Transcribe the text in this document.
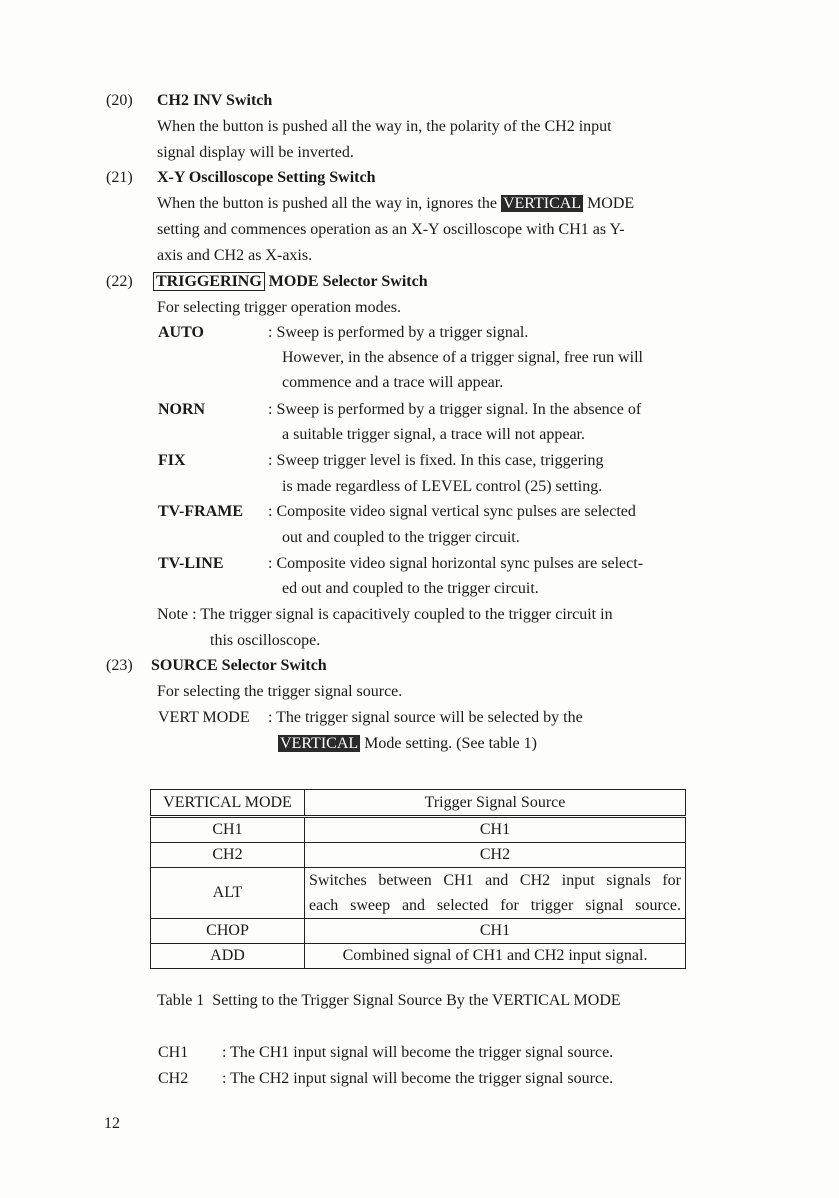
(20) CH2 INV Switch
When the button is pushed all the way in, the polarity of the CH2 input
signal display will be inverted.
(21) X-Y Oscilloscope Setting Switch
When the button is pushed all the way in, ignores the VERTICAL MODE
setting and commences operation as an X-Y oscilloscope with CH1 as Y-
axis and CH2 as X-axis.
(22) TRIGGERING MODE Selector Switch
For selecting trigger operation modes.
AUTO	: Sweep is performed by a trigger signal.
However, in the absence of a trigger signal, free run will
commence and a trace will appear.
NORN	: Sweep is performed by a trigger signal. In the absence of
a suitable trigger signal, a trace will not appear.
FIX	: Sweep trigger level is fixed. In this case, triggering
is made regardless of LEVEL control (25) setting.
TV-FRAME : Composite video signal vertical sync pulses are selected
out and coupled to the trigger circuit.
TV-LINE	: Composite video signal horizontal sync pulses are select-
ed out and coupled to the trigger circuit.
Note : The trigger signal is capacitively coupled to the trigger circuit in
this oscilloscope.
(23) SOURCE Selector Switch
For selecting the trigger signal source.
VERT MODE : The trigger signal source will be selected by the
VERTICAL Mode setting. (See table 1)
VERTICAL MODE	Trigger Signal Source
CH1	CH1
CH2	CH2
ALT	Switches between CH1 and CH2 input signals for
each sweep and selected for trigger signal source.

CHOP	CH1
ADD	Combined signal of CH1 and CH2 input signal.
Table 1  Setting to the Trigger Signal Source By the VERTICAL MODE
CH1 : The CH1 input signal will become the trigger signal source.
CH2 : The CH2 input signal will become the trigger signal source.
12
